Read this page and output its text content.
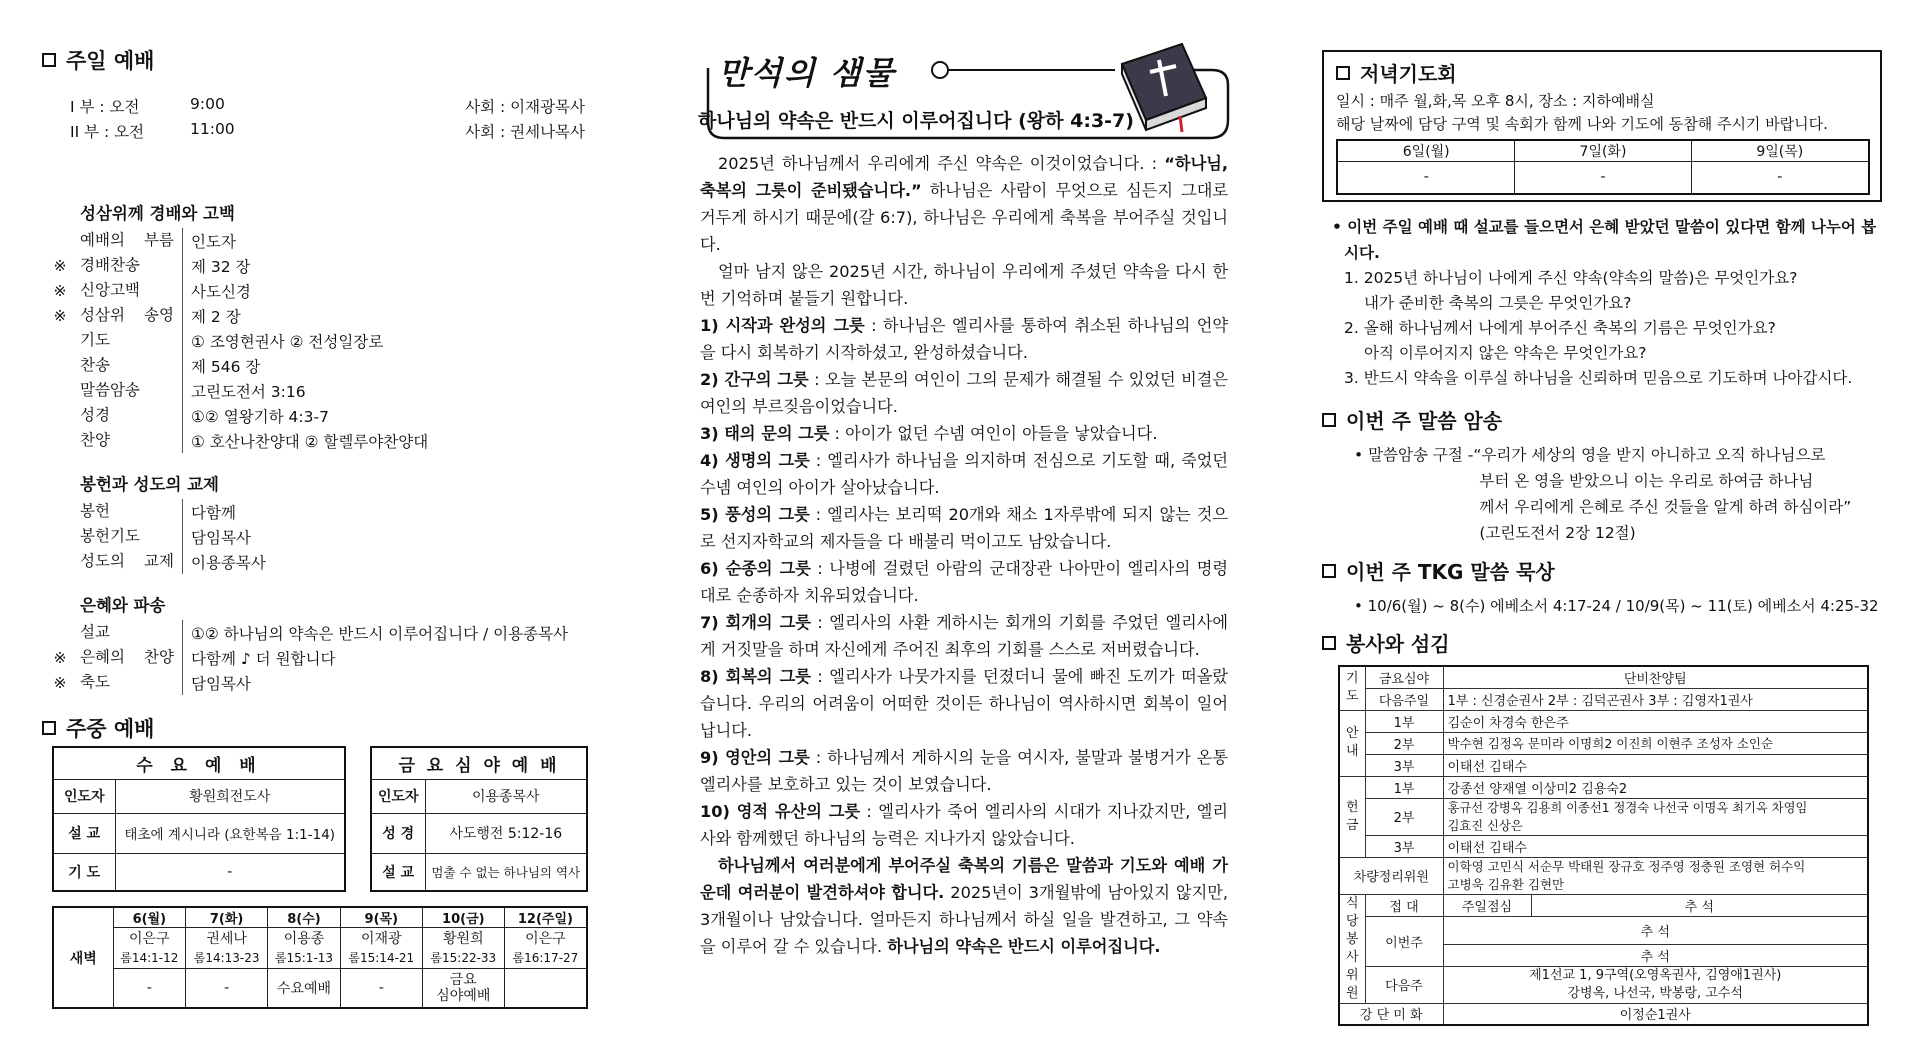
주일 예배
I 부 : 오전	9:00	사회 : 이재광목사
II 부 : 오전	11:00	사회 : 권세나목사
성삼위께 경배와 고백
예배의 부름	인도자
※ 경배찬송	제 32 장
※ 신앙고백	사도신경
※ 성삼위 송영	제 2 장
기도	① 조영현권사 ② 전성일장로
찬송	제 546 장
말씀암송	고린도전서 3:16
성경	①② 열왕기하 4:3-7
찬양	① 호산나찬양대 ② 할렐루야찬양대
봉헌과 성도의 교제
봉헌	다함께
봉헌기도	담임목사
성도의 교제	이용종목사
은혜와 파송
설교	①② 하나님의 약속은 반드시 이루어집니다 / 이용종목사
※ 은혜의 찬양	다함께 ♪ 더 원합니다
※ 축도	담임목사
주중 예배
수 요 예 배	
인도자	황원희전도사
설 교	태초에 계시니라 (요한복음 1:1-14)
기 도	-
금 요 심 야 예 배	
인도자	이용종목사
성 경	사도행전 5:12-16
설 교	멈출 수 없는 하나님의 역사
새벽	6(월)	7(화)	8(수)	9(목)	10(금)	12(주일)
	이은구	권세나	이용종	이재광	황원희	이은구
	롬14:1-12	롬14:13-23	롬15:1-13	롬15:14-21	롬15:22-33	롬16:17-27
	-	-	수요예배	-	금요
심야예배	
만석의 샘물
하나님의 약속은 반드시 이루어집니다 (왕하 4:3-7)

2025년 하나님께서 우리에게 주신 약속은 이것이었습니다. : “하나님, 축복의 그릇이 준비됐습니다.” 하나님은 사람이 무엇으로 심든지 그대로 거두게 하시기 때문에(갈 6:7), 하나님은 우리에게 축복을 부어주실 것입니다.

얼마 남지 않은 2025년 시간, 하나님이 우리에게 주셨던 약속을 다시 한번 기억하며 붙들기 원합니다.

1) 시작과 완성의 그릇 : 하나님은 엘리사를 통하여 취소된 하나님의 언약을 다시 회복하기 시작하셨고, 완성하셨습니다.

2) 간구의 그릇 : 오늘 본문의 여인이 그의 문제가 해결될 수 있었던 비결은 여인의 부르짖음이었습니다.

3) 태의 문의 그릇 : 아이가 없던 수넴 여인이 아들을 낳았습니다.

4) 생명의 그릇 : 엘리사가 하나님을 의지하며 전심으로 기도할 때, 죽었던 수넴 여인의 아이가 살아났습니다.

5) 풍성의 그릇 : 엘리사는 보리떡 20개와 채소 1자루밖에 되지 않는 것으로 선지자학교의 제자들을 다 배불리 먹이고도 남았습니다.

6) 순종의 그릇 : 나병에 걸렸던 아람의 군대장관 나아만이 엘리사의 명령대로 순종하자 치유되었습니다.

7) 회개의 그릇 : 엘리사의 사환 게하시는 회개의 기회를 주었던 엘리사에게 거짓말을 하며 자신에게 주어진 최후의 기회를 스스로 저버렸습니다.

8) 회복의 그릇 : 엘리사가 나뭇가지를 던졌더니 물에 빠진 도끼가 떠올랐습니다. 우리의 어려움이 어떠한 것이든 하나님이 역사하시면 회복이 일어납니다.

9) 영안의 그릇 : 하나님께서 게하시의 눈을 여시자, 불말과 불병거가 온통 엘리사를 보호하고 있는 것이 보였습니다.

10) 영적 유산의 그릇 : 엘리사가 죽어 엘리사의 시대가 지나갔지만, 엘리사와 함께했던 하나님의 능력은 지나가지 않았습니다.

하나님께서 여러분에게 부어주실 축복의 기름은 말씀과 기도와 예배 가운데 여러분이 발견하셔야 합니다. 2025년이 3개월밖에 남아있지 않지만, 3개월이나 남았습니다. 얼마든지 하나님께서 하실 일을 발견하고, 그 약속을 이루어 갈 수 있습니다. 하나님의 약속은 반드시 이루어집니다.

저녁기도회
일시 : 매주 월,화,목 오후 8시, 장소 : 지하예배실
해당 날짜에 담당 구역 및 속회가 함께 나와 기도에 동참해 주시기 바랍니다.
6일(월)	7일(화)	9일(목)
-	-	-
• 이번 주일 예배 때 설교를 들으면서 은혜 받았던 말씀이 있다면 함께 나누어 봅시다.
1. 2025년 하나님이 나에게 주신 약속(약속의 말씀)은 무엇인가요?
내가 준비한 축복의 그릇은 무엇인가요?
2. 올해 하나님께서 나에게 부어주신 축복의 기름은 무엇인가요?
아직 이루어지지 않은 약속은 무엇인가요?
3. 반드시 약속을 이루실 하나님을 신뢰하며 믿음으로 기도하며 나아갑시다.
이번 주 말씀 암송
• 말씀암송 구절 - “우리가 세상의 영을 받지 아니하고 오직 하나님으로
부터 온 영을 받았으니 이는 우리로 하여금 하나님
께서 우리에게 은혜로 주신 것들을 알게 하려 하심이라”
(고린도전서 2장 12절)
이번 주 TKG 말씀 묵상
• 10/6(월) ~ 8(수) 에베소서 4:17-24 / 10/9(목) ~ 11(토) 에베소서 4:25-32
봉사와 섬김
기
도	금요심야	단비찬양팀	
	다음주일	1부 : 신경순권사 2부 : 김덕곤권사 3부 : 김영자1권사	
안
내	1부	김순이 차경숙 한은주	
	2부	박수현 김정옥 문미라 이명희2 이진희 이현주 조성자 소인순	
	3부	이태선 김태수	
헌
금	1부	강종선 양재열 이상미2 김용숙2	
	2부	홍규선 강병옥 김용희 이종선1 정경숙 나선국 이명옥 최기옥 차영임
김효진 신상은	

	3부	이태선 김태수	
차량정리위원		이학영 고민식 서순무 박태원 장규호 정주영 정충원 조영현 허수익
고병욱 김유환 김현만	

식당
봉사
위원	접 대	주일점심	추 석
	이번주	추 석	
		추 석	
	다음주	제1선교 1, 9구역(오영옥권사, 김영애1권사)
강병옥, 나선국, 박봉랑, 고수석	

강 단 미 화		이정순1권사	
